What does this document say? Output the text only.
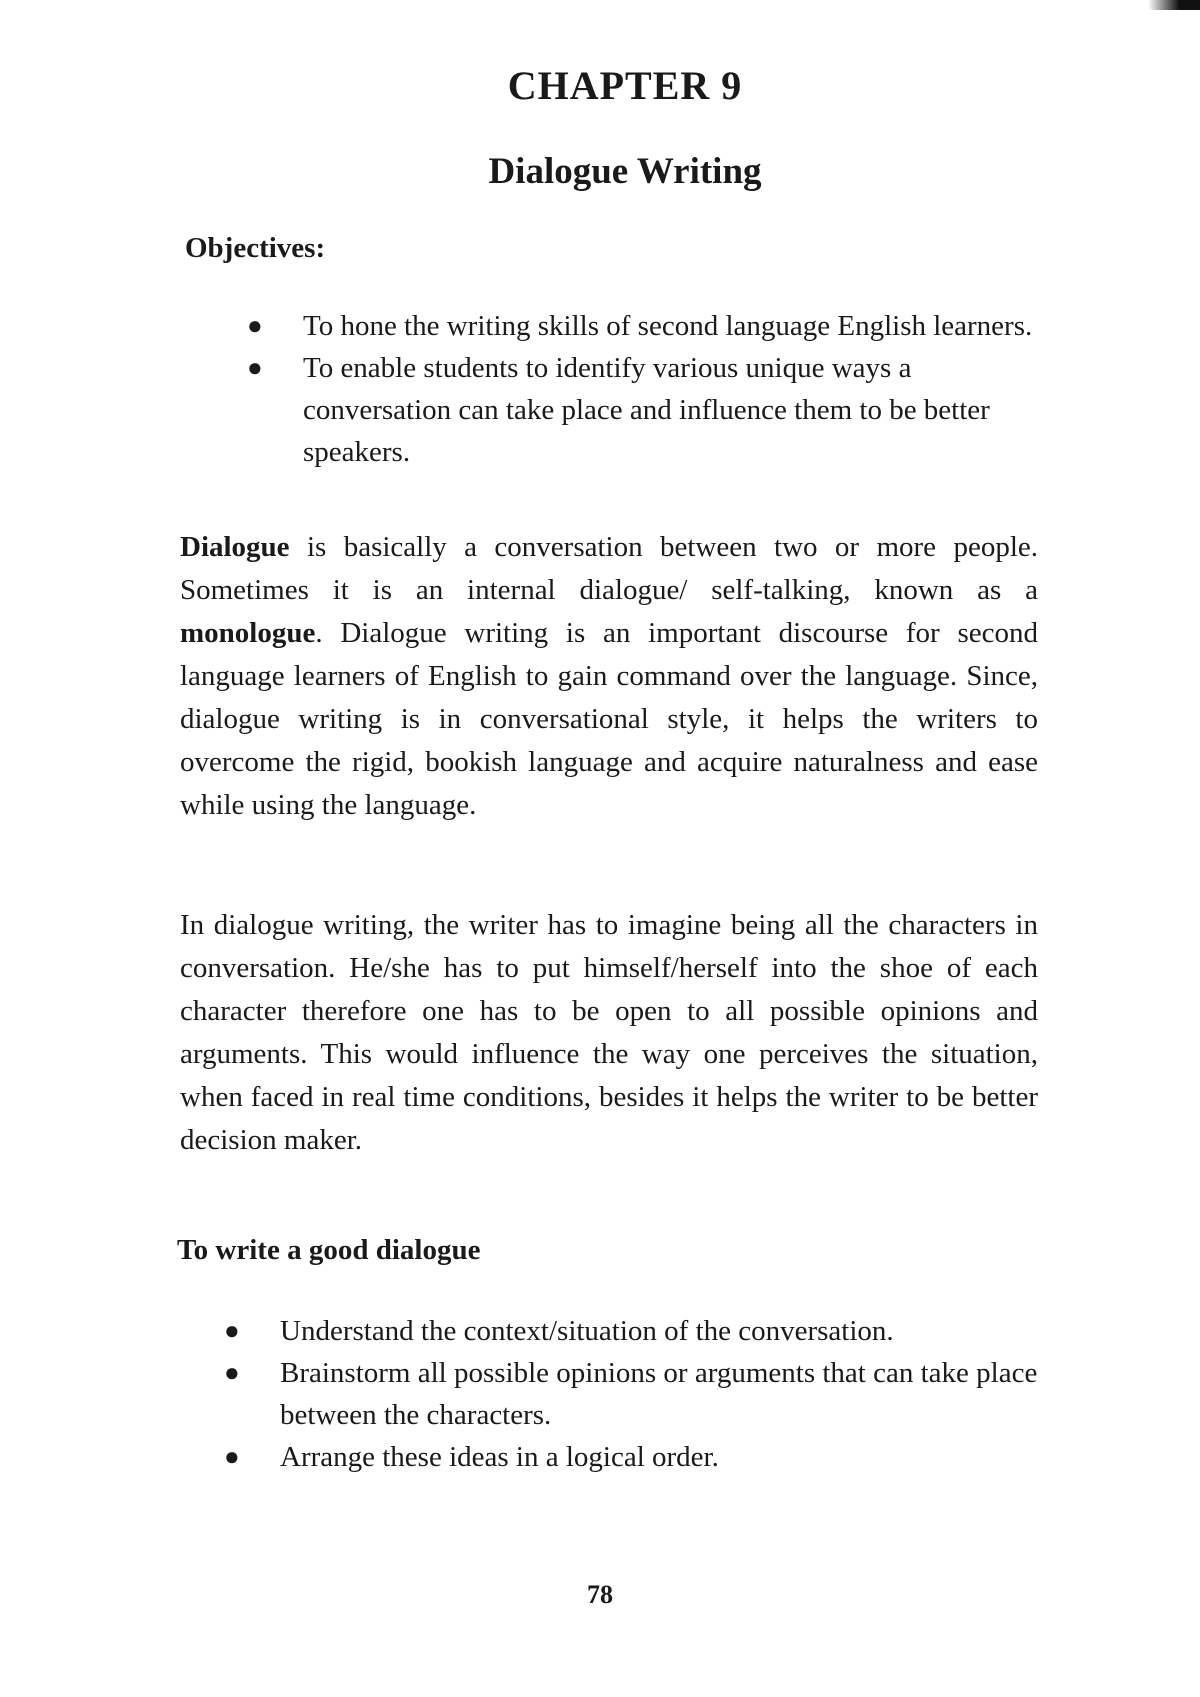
CHAPTER 9
Dialogue Writing

Objectives:

● To hone the writing skills of second language English learners.
● To enable students to identify various unique ways a conversation can take place and influence them to be better speakers.

Dialogue is basically a conversation between two or more people. Sometimes it is an internal dialogue/ self-talking, known as a monologue. Dialogue writing is an important discourse for second language learners of English to gain command over the language. Since, dialogue writing is in conversational style, it helps the writers to overcome the rigid, bookish language and acquire naturalness and ease while using the language.

In dialogue writing, the writer has to imagine being all the characters in conversation. He/she has to put himself/herself into the shoe of each character therefore one has to be open to all possible opinions and arguments. This would influence the way one perceives the situation, when faced in real time conditions, besides it helps the writer to be better decision maker.

To write a good dialogue

● Understand the context/situation of the conversation.
● Brainstorm all possible opinions or arguments that can take place between the characters.
● Arrange these ideas in a logical order.

78
